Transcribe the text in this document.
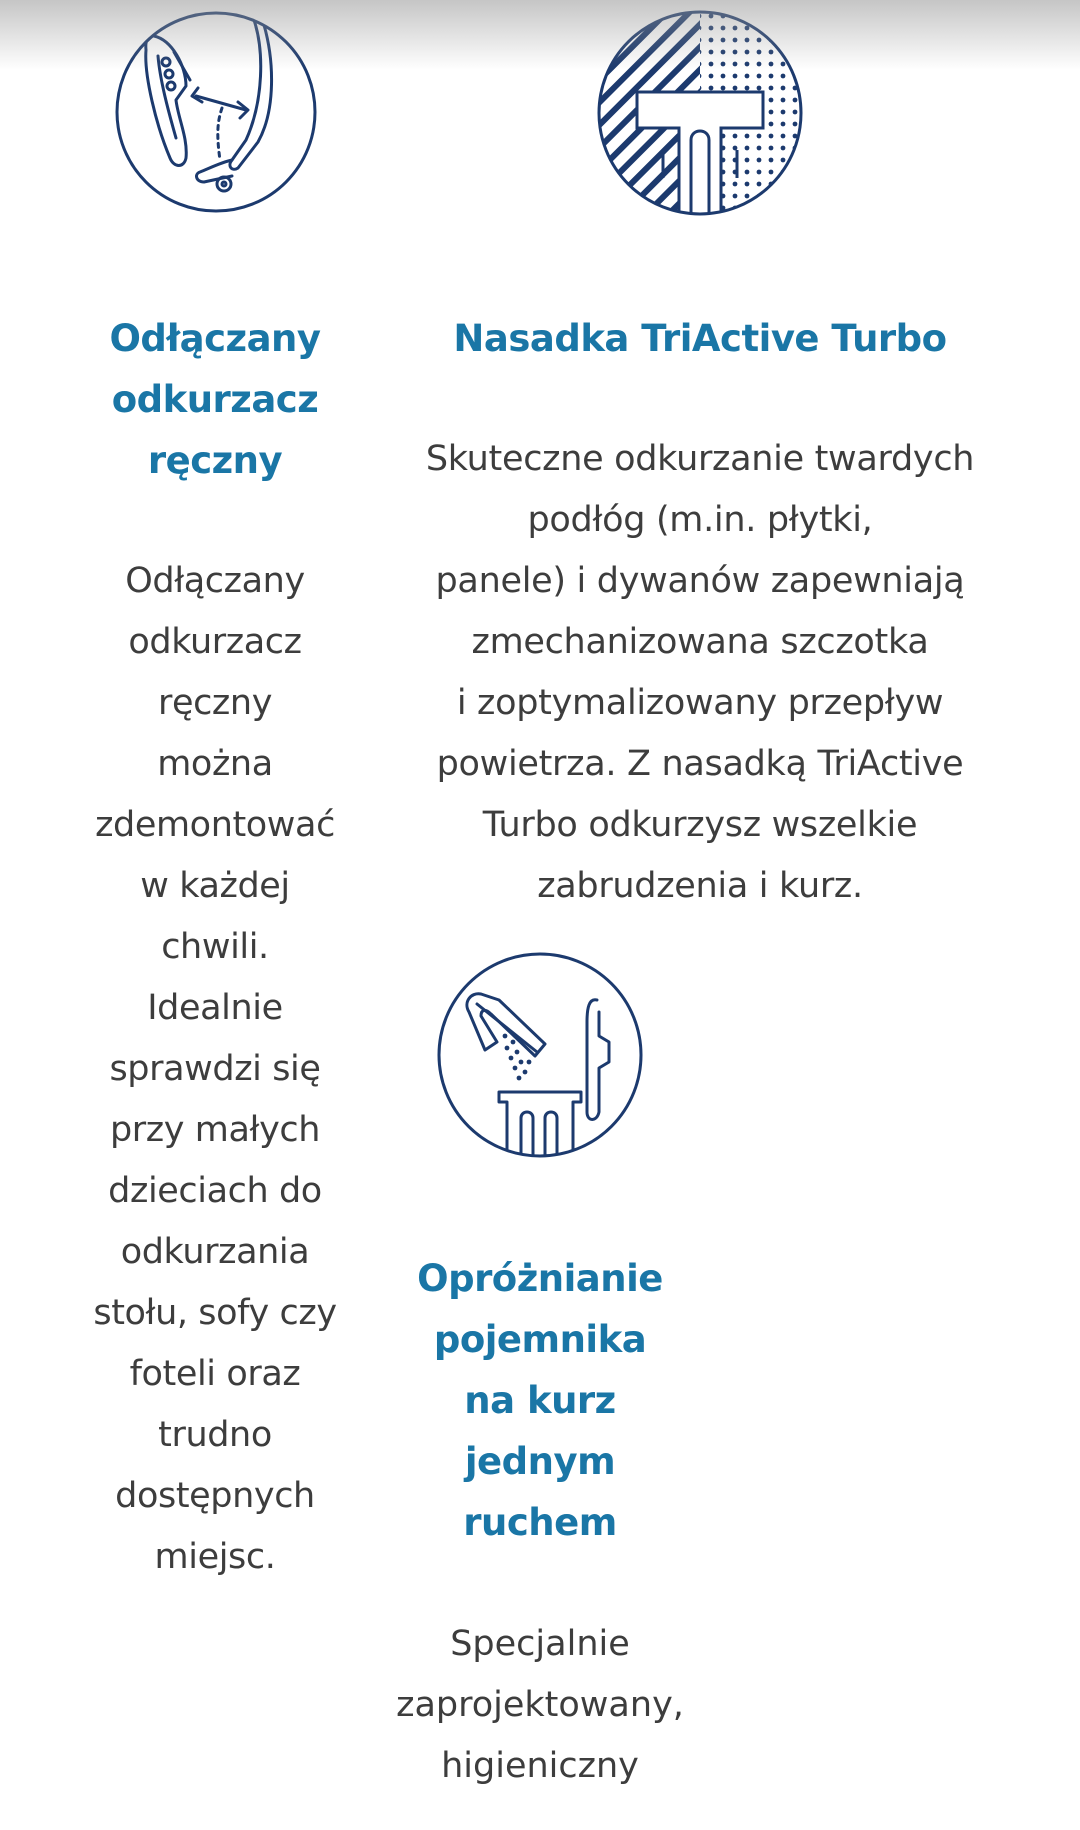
Odłączany
odkurzacz
ręczny

Odłączany
odkurzacz
ręczny
można
zdemontować
w każdej
chwili.
Idealnie
sprawdzi się
przy małych
dzieciach do
odkurzania
stołu, sofy czy
foteli oraz
trudno
dostępnych
miejsc.

Nasadka TriActive Turbo

Skuteczne odkurzanie twardych
podłóg (m.in. płytki,
panele) i dywanów zapewniają
zmechanizowana szczotka
i zoptymalizowany przepływ
powietrza. Z nasadką TriActive
Turbo odkurzysz wszelkie
zabrudzenia i kurz.

Opróżnianie
pojemnika
na kurz
jednym
ruchem

Specjalnie
zaprojektowany,
higieniczny
